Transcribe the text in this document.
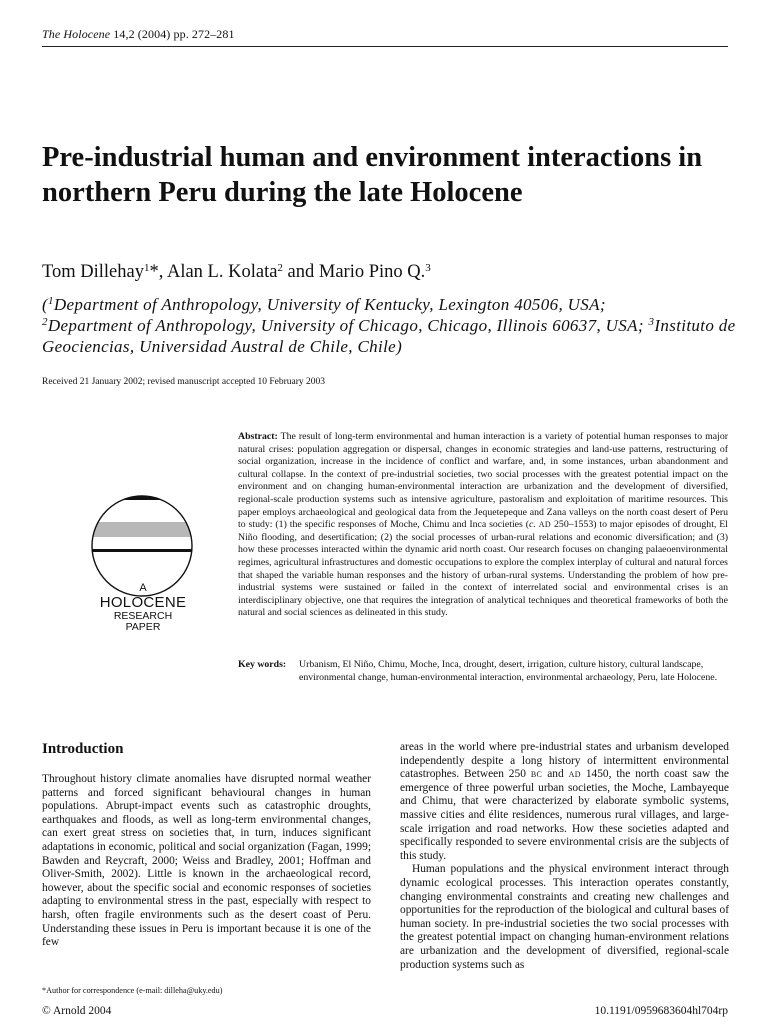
The Holocene 14,2 (2004) pp. 272–281
Pre-industrial human and environment interactions in northern Peru during the late Holocene
Tom Dillehay$^1$*, Alan L. Kolata$^2$ and Mario Pino Q.$^3$
($^1$Department of Anthropology, University of Kentucky, Lexington 40506, USA;
$^2$Department of Anthropology, University of Chicago, Chicago, Illinois 60637, USA; $^3$Instituto de Geociencias, Universidad Austral de Chile, Chile)
Received 21 January 2002; revised manuscript accepted 10 February 2003
A
HOLOCENE
RESEARCH
PAPER

Abstract: The result of long-term environmental and human interaction is a variety of potential human responses to major natural crises: population aggregation or dispersal, changes in economic strategies and land-use patterns, restructuring of social organization, increase in the incidence of conflict and warfare, and, in some instances, urban abandonment and cultural collapse. In the context of pre-industrial societies, two social processes with the greatest potential impact on the environment and on changing human-environmental interaction are urbanization and the development of diversified, regional-scale production systems such as intensive agriculture, pastoralism and exploitation of maritime resources. This paper employs archaeological and geological data from the Jequetepeque and Zana valleys on the north coast desert of Peru to study: (1) the specific responses of Moche, Chimu and Inca societies (c. AD 250–1553) to major episodes of drought, El Niño flooding, and desertification; (2) the social processes of urban-rural relations and economic diversification; and (3) how these processes interacted within the dynamic arid north coast. Our research focuses on changing palaeoenvironmental regimes, agricultural infrastructures and domestic occupations to explore the complex interplay of cultural and natural forces that shaped the variable human responses and the history of urban-rural systems. Understanding the problem of how pre-industrial systems were sustained or failed in the context of interrelated social and environmental crises is an interdisciplinary objective, one that requires the integration of analytical techniques and theoretical frameworks of both the natural and social sciences as delineated in this study.

Key words:	Urbanism, El Niño, Chimu, Moche, Inca, drought, desert, irrigation, culture history, cultural landscape, environmental change, human-environmental interaction, environmental archaeology, Peru, late Holocene.
Introduction

Throughout history climate anomalies have disrupted normal weather patterns and forced significant behavioural changes in human populations. Abrupt-impact events such as catastrophic droughts, earthquakes and floods, as well as long-term environmental changes, can exert great stress on societies that, in turn, induces significant adaptations in economic, political and social organization (Fagan, 1999; Bawden and Reycraft, 2000; Weiss and Bradley, 2001; Hoffman and Oliver-Smith, 2002). Little is known in the archaeological record, however, about the specific social and economic responses of societies adapting to environmental stress in the past, especially with respect to harsh, often fragile environments such as the desert coast of Peru. Understanding these issues in Peru is important because it is one of the few

areas in the world where pre-industrial states and urbanism developed independently despite a long history of intermittent environmental catastrophes. Between 250 BC and AD 1450, the north coast saw the emergence of three powerful urban societies, the Moche, Lambayeque and Chimu, that were characterized by elaborate symbolic systems, massive cities and élite residences, numerous rural villages, and large-scale irrigation and road networks. How these societies adapted and specifically responded to severe environmental crisis are the subjects of this study.

Human populations and the physical environment interact through dynamic ecological processes. This interaction operates constantly, changing environmental constraints and creating new challenges and opportunities for the reproduction of the biological and cultural bases of human society. In pre-industrial societies the two social processes with the greatest potential impact on changing human-environment relations are urbanization and the development of diversified, regional-scale production systems such as

*Author for correspondence (e-mail: dilleha@uky.edu)
© Arnold 2004	10.1191/0959683604hl704rp
